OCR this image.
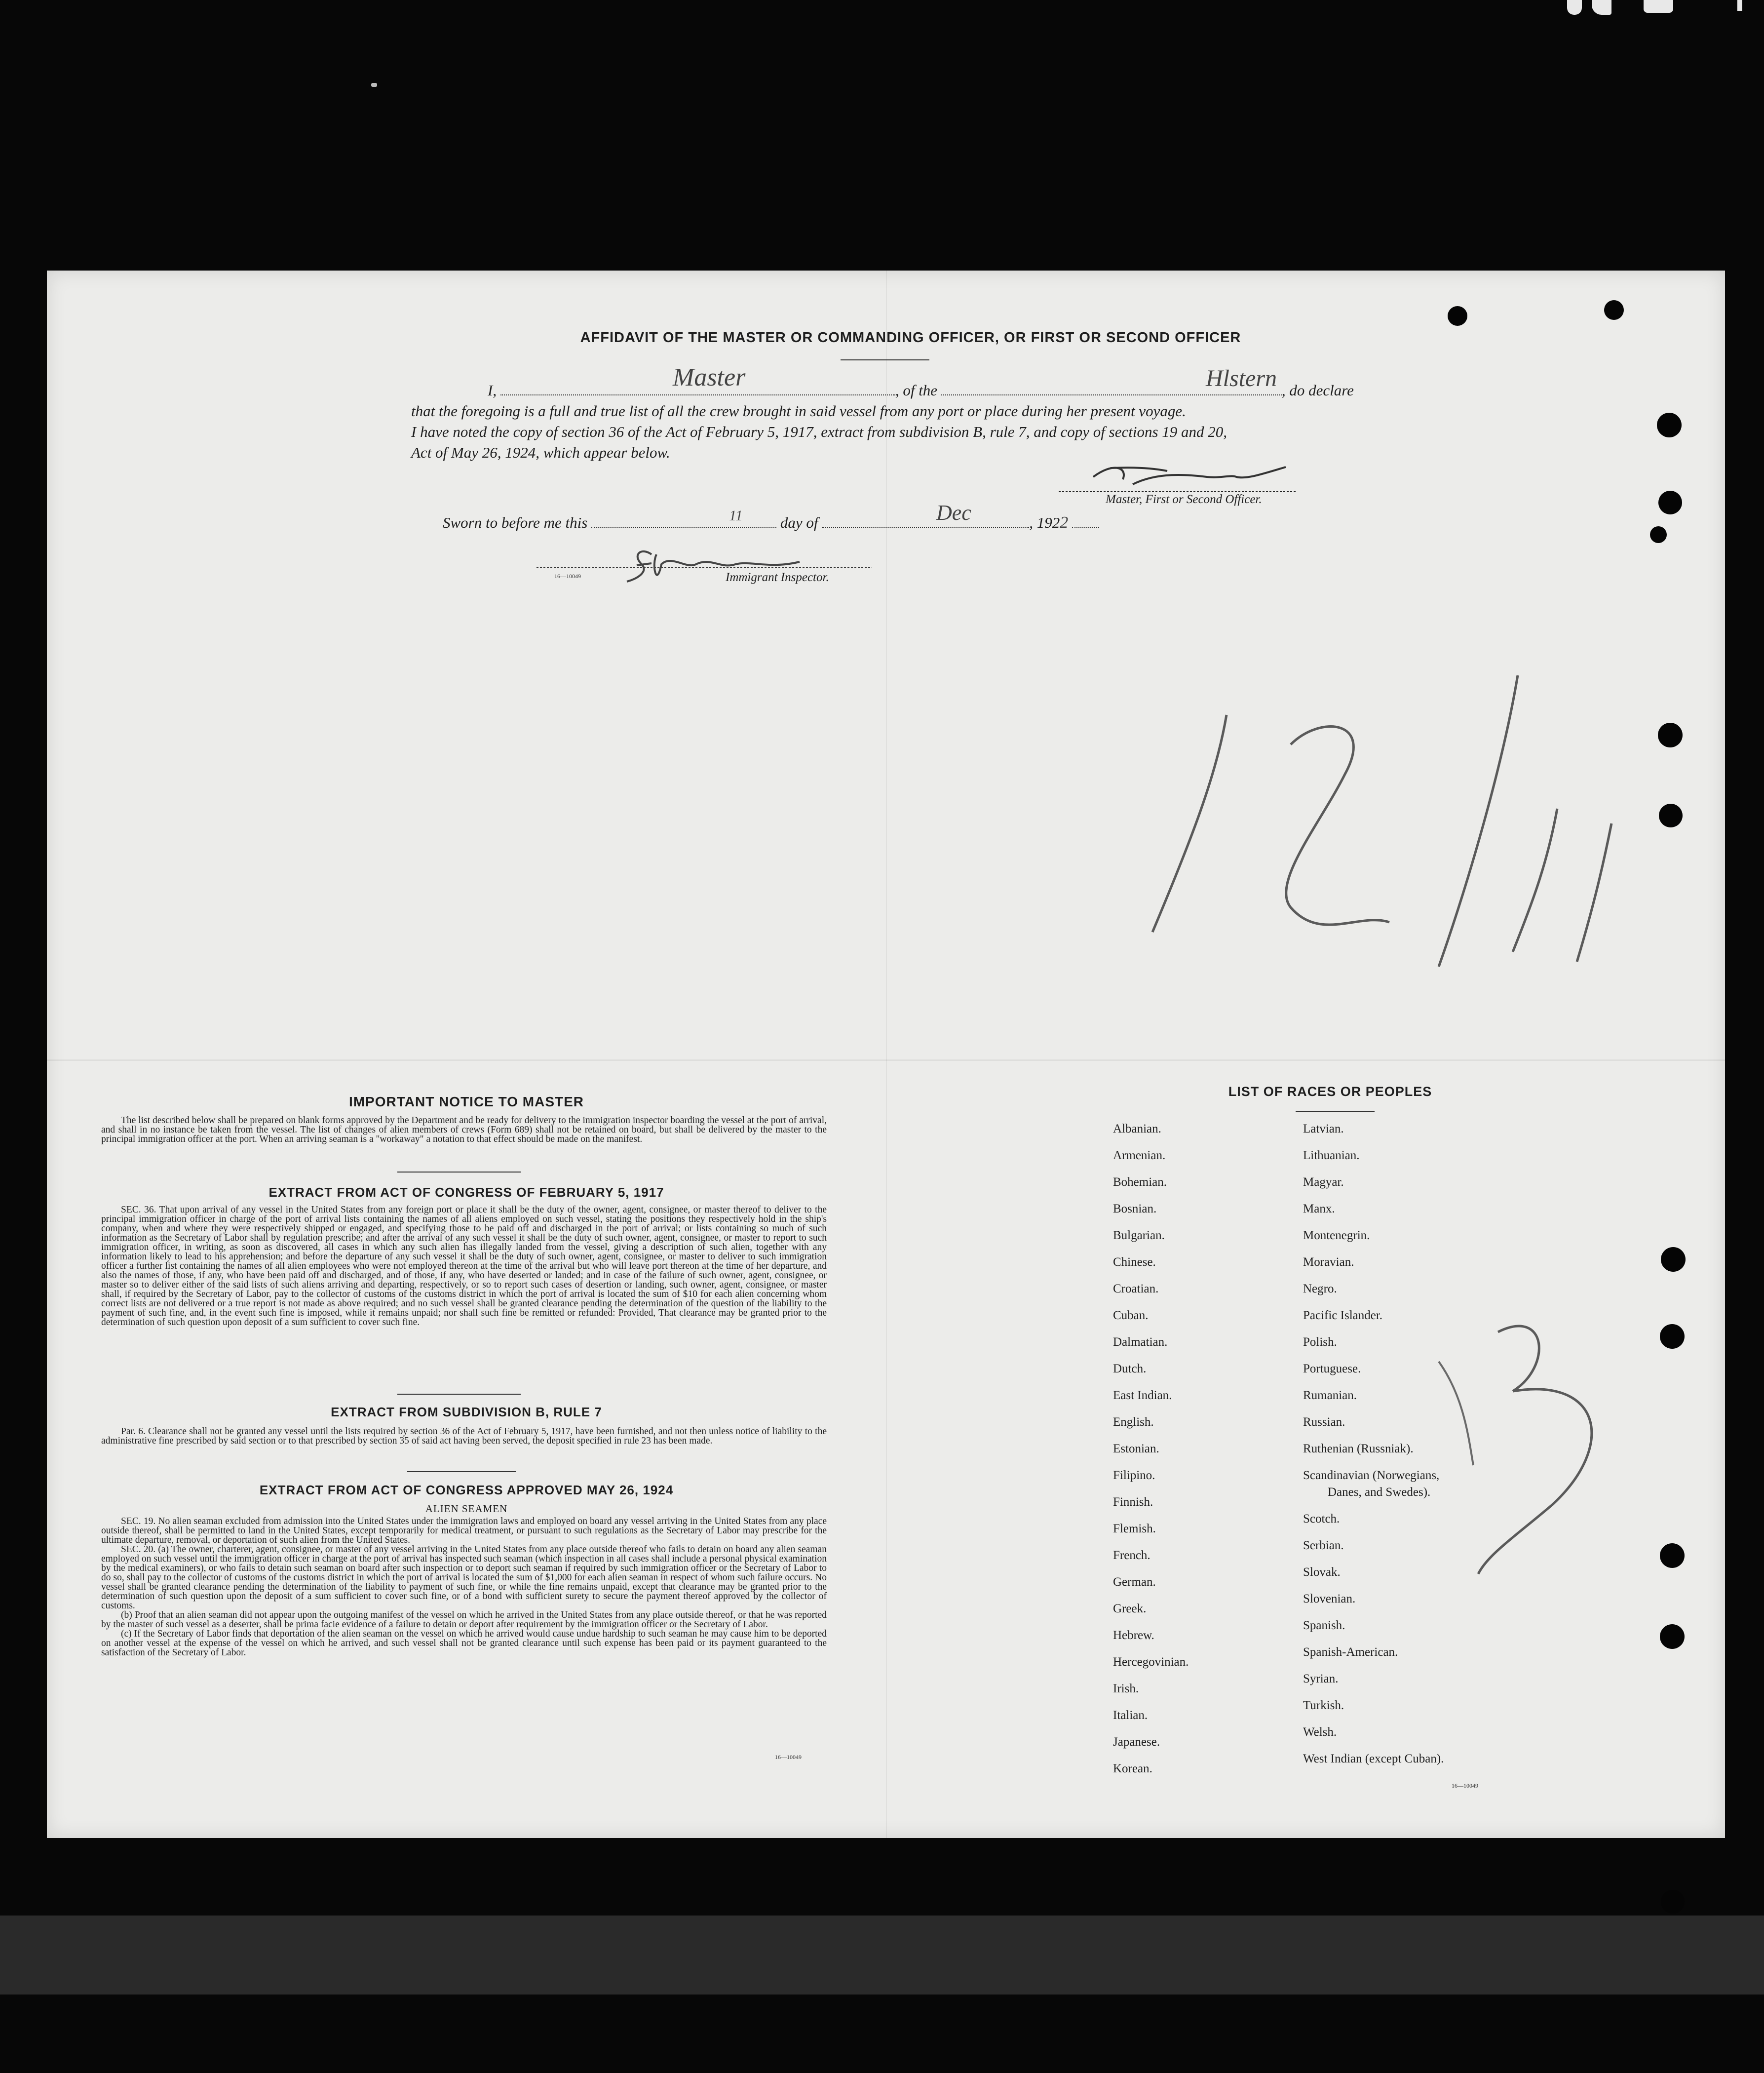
AFFIDAVIT OF THE MASTER OR COMMANDING OFFICER, OR FIRST OR SECOND OFFICER
I,	, of the	, do declare
Master	Hlstern
that the foregoing is a full and true list of all the crew brought in said vessel from any port or place during her present voyage.
I have noted the copy of section 36 of the Act of February 5, 1917, extract from subdivision B, rule 7, and copy of sections 19 and 20,
Act of May 26, 1924, which appear below.
Master, First or Second Officer.
Sworn to before me this	day of	, 1922
11	Dec
16—10049	Immigrant Inspector.
IMPORTANT NOTICE TO MASTER
The list described below shall be prepared on blank forms approved by the Department and be ready for delivery to the immigration inspector boarding the vessel at the port of arrival, and shall in no instance be taken from the vessel. The list of changes of alien members of crews (Form 689) shall not be retained on board, but shall be delivered by the master to the principal immigration officer at the port. When an arriving seaman is a "workaway" a notation to that effect should be made on the manifest.
EXTRACT FROM ACT OF CONGRESS OF FEBRUARY 5, 1917
SEC. 36. That upon arrival of any vessel in the United States from any foreign port or place it shall be the duty of the owner, agent, consignee, or master thereof to deliver to the principal immigration officer in charge of the port of arrival lists containing the names of all aliens employed on such vessel, stating the positions they respectively hold in the ship's company, when and where they were respectively shipped or engaged, and specifying those to be paid off and discharged in the port of arrival; or lists containing so much of such information as the Secretary of Labor shall by regulation prescribe; and after the arrival of any such vessel it shall be the duty of such owner, agent, consignee, or master to report to such immigration officer, in writing, as soon as discovered, all cases in which any such alien has illegally landed from the vessel, giving a description of such alien, together with any information likely to lead to his apprehension; and before the departure of any such vessel it shall be the duty of such owner, agent, consignee, or master to deliver to such immigration officer a further list containing the names of all alien employees who were not employed thereon at the time of the arrival but who will leave port thereon at the time of her departure, and also the names of those, if any, who have been paid off and discharged, and of those, if any, who have deserted or landed; and in case of the failure of such owner, agent, consignee, or master so to deliver either of the said lists of such aliens arriving and departing, respectively, or so to report such cases of desertion or landing, such owner, agent, consignee, or master shall, if required by the Secretary of Labor, pay to the collector of customs of the customs district in which the port of arrival is located the sum of $10 for each alien concerning whom correct lists are not delivered or a true report is not made as above required; and no such vessel shall be granted clearance pending the determination of the question of the liability to the payment of such fine, and, in the event such fine is imposed, while it remains unpaid; nor shall such fine be remitted or refunded: Provided, That clearance may be granted prior to the determination of such question upon deposit of a sum sufficient to cover such fine.
EXTRACT FROM SUBDIVISION B, RULE 7
Par. 6. Clearance shall not be granted any vessel until the lists required by section 36 of the Act of February 5, 1917, have been furnished, and not then unless notice of liability to the administrative fine prescribed by said section or to that prescribed by section 35 of said act having been served, the deposit specified in rule 23 has been made.
EXTRACT FROM ACT OF CONGRESS APPROVED MAY 26, 1924
ALIEN SEAMEN
SEC. 19. No alien seaman excluded from admission into the United States under the immigration laws and employed on board any vessel arriving in the United States from any place outside thereof, shall be permitted to land in the United States, except temporarily for medical treatment, or pursuant to such regulations as the Secretary of Labor may prescribe for the ultimate departure, removal, or deportation of such alien from the United States.
SEC. 20. (a) The owner, charterer, agent, consignee, or master of any vessel arriving in the United States from any place outside thereof who fails to detain on board any alien seaman employed on such vessel until the immigration officer in charge at the port of arrival has inspected such seaman (which inspection in all cases shall include a personal physical examination by the medical examiners), or who fails to detain such seaman on board after such inspection or to deport such seaman if required by such immigration officer or the Secretary of Labor to do so, shall pay to the collector of customs of the customs district in which the port of arrival is located the sum of $1,000 for each alien seaman in respect of whom such failure occurs. No vessel shall be granted clearance pending the determination of the liability to payment of such fine, or while the fine remains unpaid, except that clearance may be granted prior to the determination of such question upon the deposit of a sum sufficient to cover such fine, or of a bond with sufficient surety to secure the payment thereof approved by the collector of customs.
(b) Proof that an alien seaman did not appear upon the outgoing manifest of the vessel on which he arrived in the United States from any place outside thereof, or that he was reported by the master of such vessel as a deserter, shall be prima facie evidence of a failure to detain or deport after requirement by the immigration officer or the Secretary of Labor.
(c) If the Secretary of Labor finds that deportation of the alien seaman on the vessel on which he arrived would cause undue hardship to such seaman he may cause him to be deported on another vessel at the expense of the vessel on which he arrived, and such vessel shall not be granted clearance until such expense has been paid or its payment guaranteed to the satisfaction of the Secretary of Labor.
16—10049
LIST OF RACES OR PEOPLES
Albanian.
Armenian.
Bohemian.
Bosnian.
Bulgarian.
Chinese.
Croatian.
Cuban.
Dalmatian.
Dutch.
East Indian.
English.
Estonian.
Filipino.
Finnish.
Flemish.
French.
German.
Greek.
Hebrew.
Hercegovinian.
Irish.
Italian.
Japanese.
Korean.
Latvian.
Lithuanian.
Magyar.
Manx.
Montenegrin.
Moravian.
Negro.
Pacific Islander.
Polish.
Portuguese.
Rumanian.
Russian.
Ruthenian (Russniak).
Scandinavian (Norwegians,
Danes, and Swedes).
Scotch.
Serbian.
Slovak.
Slovenian.
Spanish.
Spanish-American.
Syrian.
Turkish.
Welsh.
West Indian (except Cuban).
16—10049
